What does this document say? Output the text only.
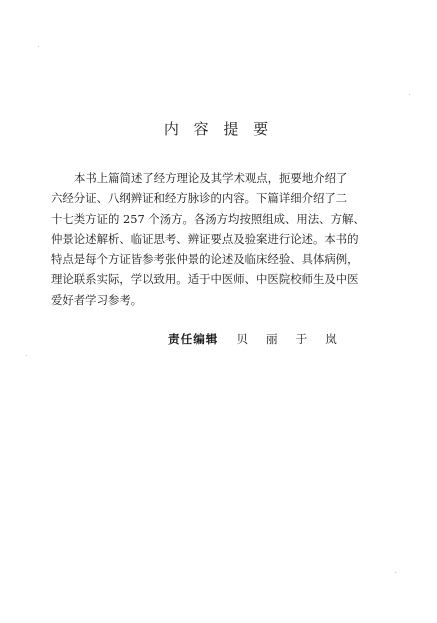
内 容 提 要
本书上篇简述了经方理论及其学术观点，扼要地介绍了
六经分证、八纲辨证和经方脉诊的内容。下篇详细介绍了二
十七类方证的 257 个汤方。各汤方均按照组成、用法、方解、
仲景论述解析、临证思考、辨证要点及验案进行论述。本书的
特点是每个方证皆参考张仲景的论述及临床经验、具体病例，
理论联系实际，学以致用。适于中医师、中医院校师生及中医
爱好者学习参考。
责任编辑 贝丽于岚
